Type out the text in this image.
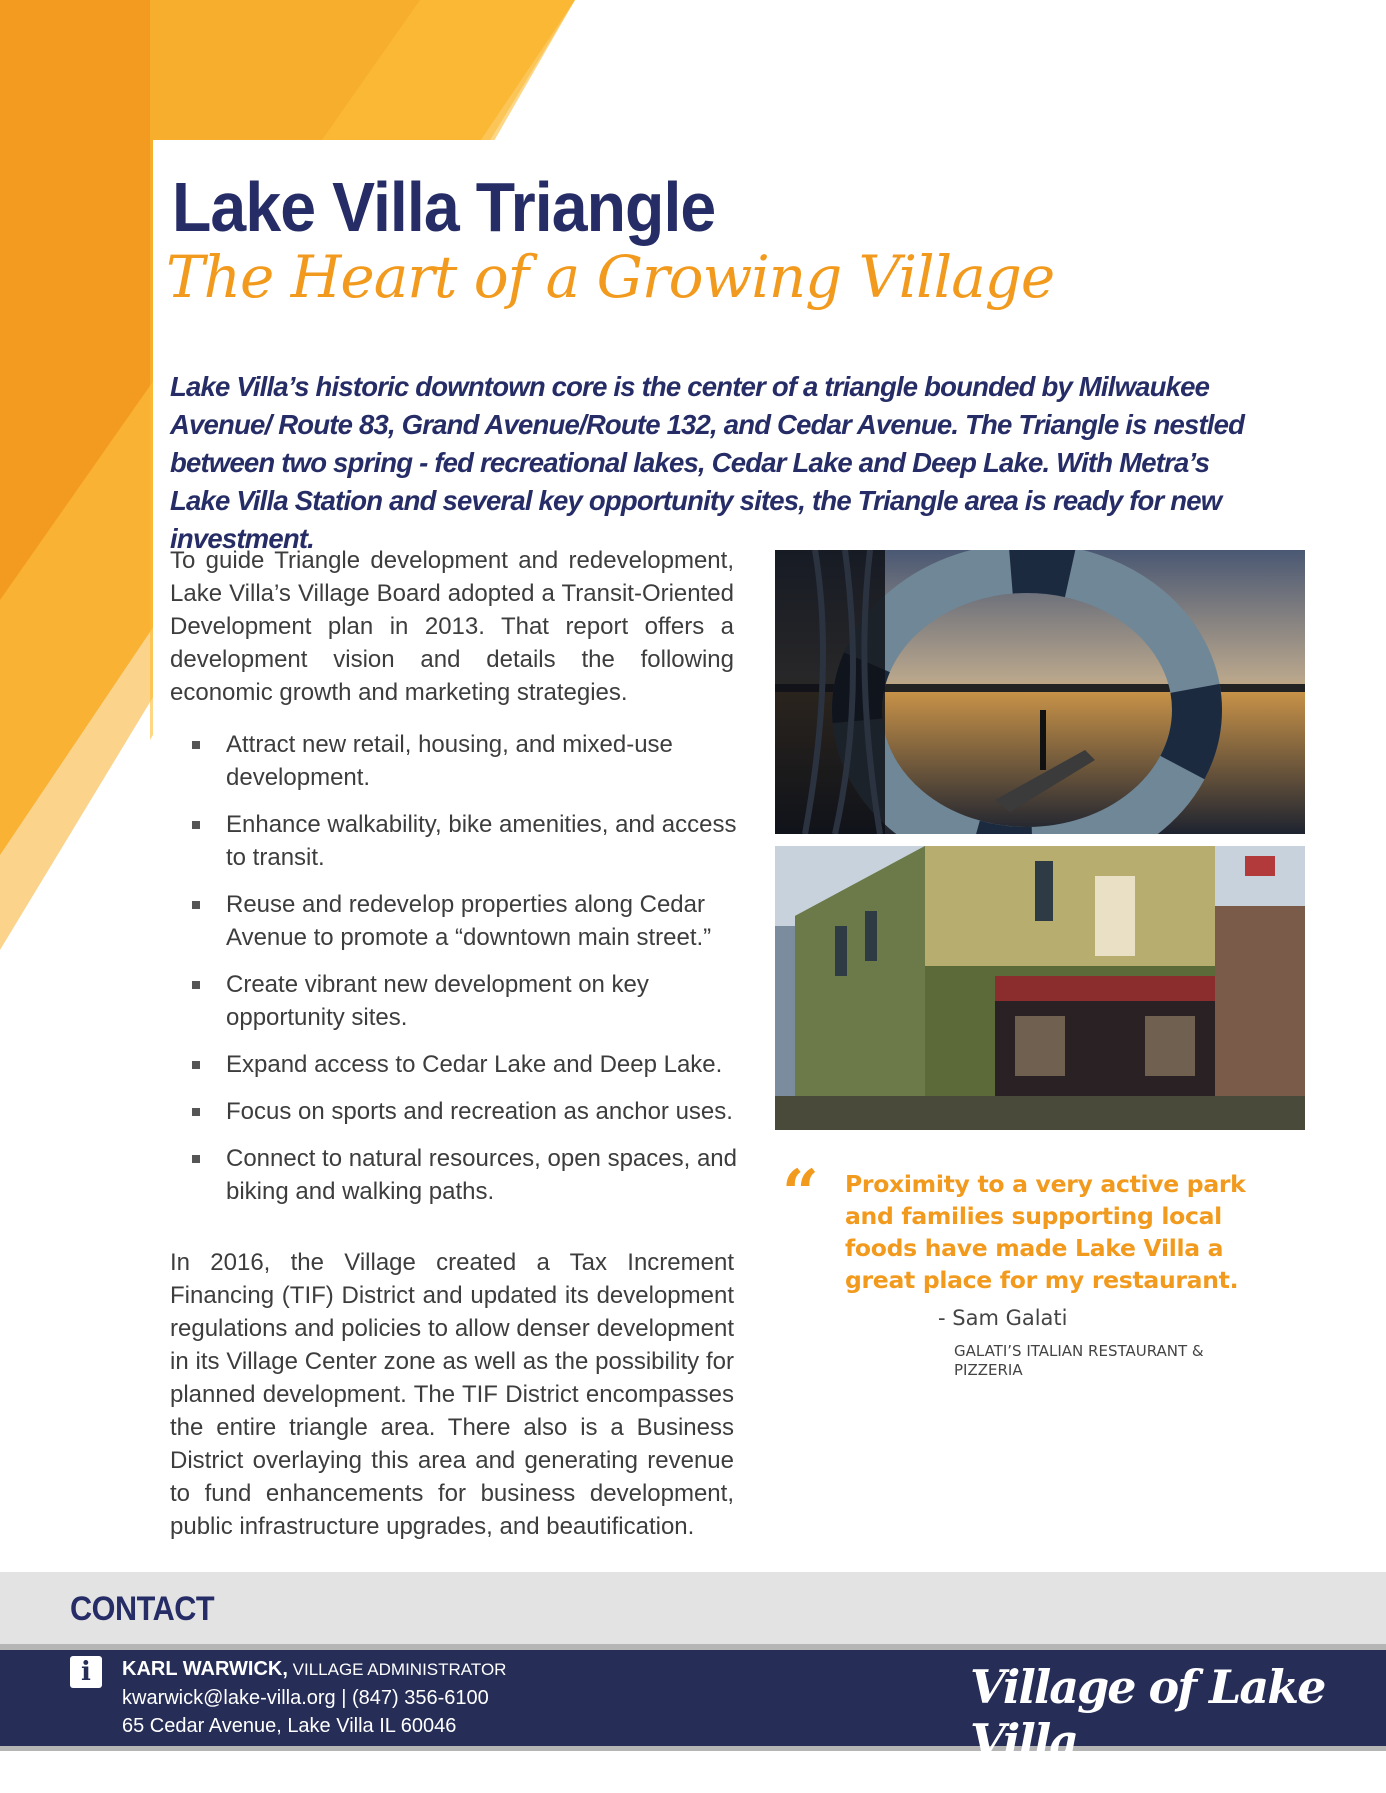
Lake Villa Triangle
The Heart of a Growing Village

Lake Villa’s historic downtown core is the center of a triangle bounded by Milwaukee Avenue/ Route 83, Grand Avenue/Route 132, and Cedar Avenue. The Triangle is nestled between two spring - fed recreational lakes, Cedar Lake and Deep Lake. With Metra’s Lake Villa Station and several key opportunity sites, the Triangle area is ready for new investment.

To guide Triangle development and redevelopment, Lake Villa’s Village Board adopted a Transit-Oriented Development plan in 2013. That report offers a development vision and details the following economic growth and marketing strategies.

Attract new retail, housing, and mixed-use development.
Enhance walkability, bike amenities, and access to transit.
Reuse and redevelop properties along Cedar Avenue to promote a “downtown main street.”
Create vibrant new development on key opportunity sites.
Expand access to Cedar Lake and Deep Lake.
Focus on sports and recreation as anchor uses.
Connect to natural resources, open spaces, and biking and walking paths.

In 2016, the Village created a Tax Increment Financing (TIF) District and updated its development regulations and policies to allow denser development in its Village Center zone as well as the possibility for planned development. The TIF District encompasses the entire triangle area. There also is a Business District overlaying this area and generating revenue to fund enhancements for business development, public infrastructure upgrades, and beautification.

“ Proximity to a very active park and families supporting local foods have made Lake Villa a great place for my restaurant.

- Sam Galati
GALATI’S ITALIAN RESTAURANT & PIZZERIA
CONTACT
i	KARL WARWICK, VILLAGE ADMINISTRATOR
kwarwick@lake-villa.org | (847) 356-6100
65 Cedar Avenue, Lake Villa IL 60046
Village of Lake Villa
